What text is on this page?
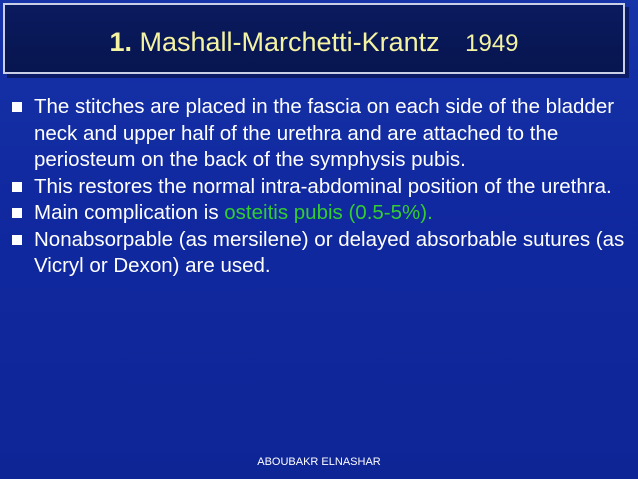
1. Mashall-Marchetti-Krantz 1949
The stitches are placed in the fascia on each side of the bladder neck and upper half of the urethra and are attached to the periosteum on the back of the symphysis pubis.
This restores the normal intra-abdominal position of the urethra.
Main complication is osteitis pubis (0.5-5%).
Nonabsorpable (as mersilene) or delayed absorbable sutures (as Vicryl or Dexon) are used.
ABOUBAKR ELNASHAR
